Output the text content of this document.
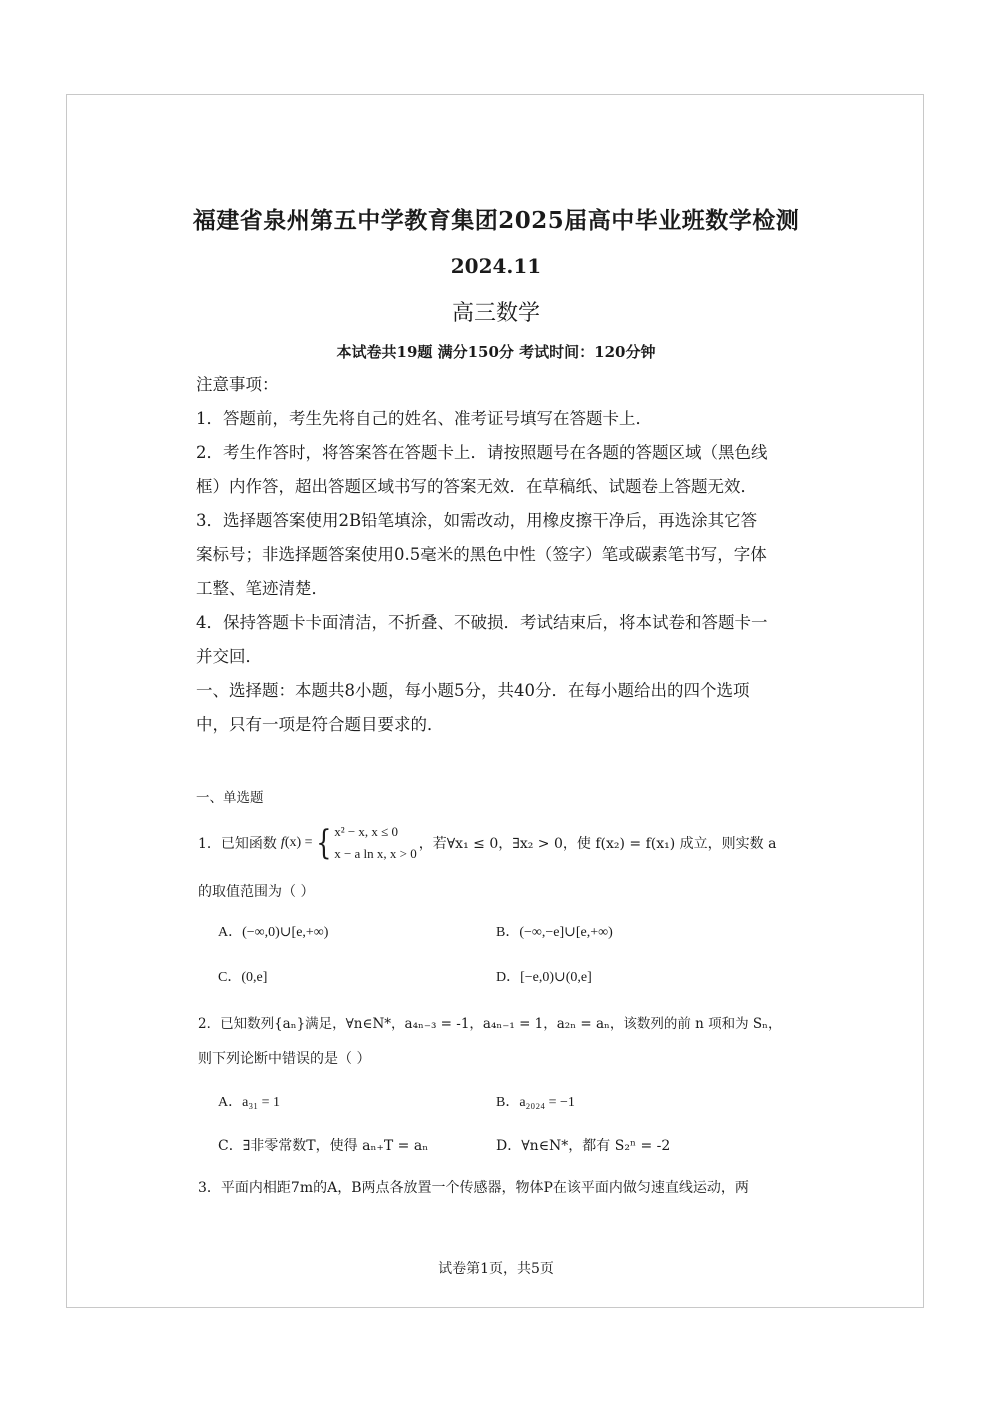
福建省泉州第五中学教育集团2025届高中毕业班数学检测
2024.11
高三数学
本试卷共19题 满分150分 考试时间：120分钟
注意事项：
1．答题前，考生先将自己的姓名、准考证号填写在答题卡上．
2．考生作答时，将答案答在答题卡上．请按照题号在各题的答题区域（黑色线
框）内作答，超出答题区域书写的答案无效．在草稿纸、试题卷上答题无效．
3．选择题答案使用2B铅笔填涂，如需改动，用橡皮擦干净后，再选涂其它答
案标号；非选择题答案使用0.5毫米的黑色中性（签字）笔或碳素笔书写，字体
工整、笔迹清楚．
4．保持答题卡卡面清洁，不折叠、不破损．考试结束后，将本试卷和答题卡一
并交回．
一、选择题：本题共8小题，每小题5分，共40分．在每小题给出的四个选项
中，只有一项是符合题目要求的．
一、单选题
1．已知函数 f (x) = { x² − x, x ≤ 0
x − a ln x, x > 0
，若∀x₁ ≤ 0，∃x₂ > 0，使 f(x₂) = f(x₁) 成立，则实数 a
的取值范围为（ ）
A．(−∞,0)∪[e,+∞)	B．(−∞,−e]∪[e,+∞)
C．(0,e]	D．[−e,0)∪(0,e]
2．已知数列{aₙ}满足，∀n∈N*，a₄ₙ₋₃ = -1，a₄ₙ₋₁ = 1，a₂ₙ = aₙ，该数列的前 n 项和为 Sₙ，
则下列论断中错误的是（ ）
A．a₃₁ = 1	B．a₂₀₂₄ = −1
C．∃非零常数T，使得 aₙ₊T = aₙ	D．∀n∈N*，都有 S₂ⁿ = -2
3．平面内相距7m的A，B两点各放置一个传感器，物体P在该平面内做匀速直线运动，两
试卷第1页，共5页
